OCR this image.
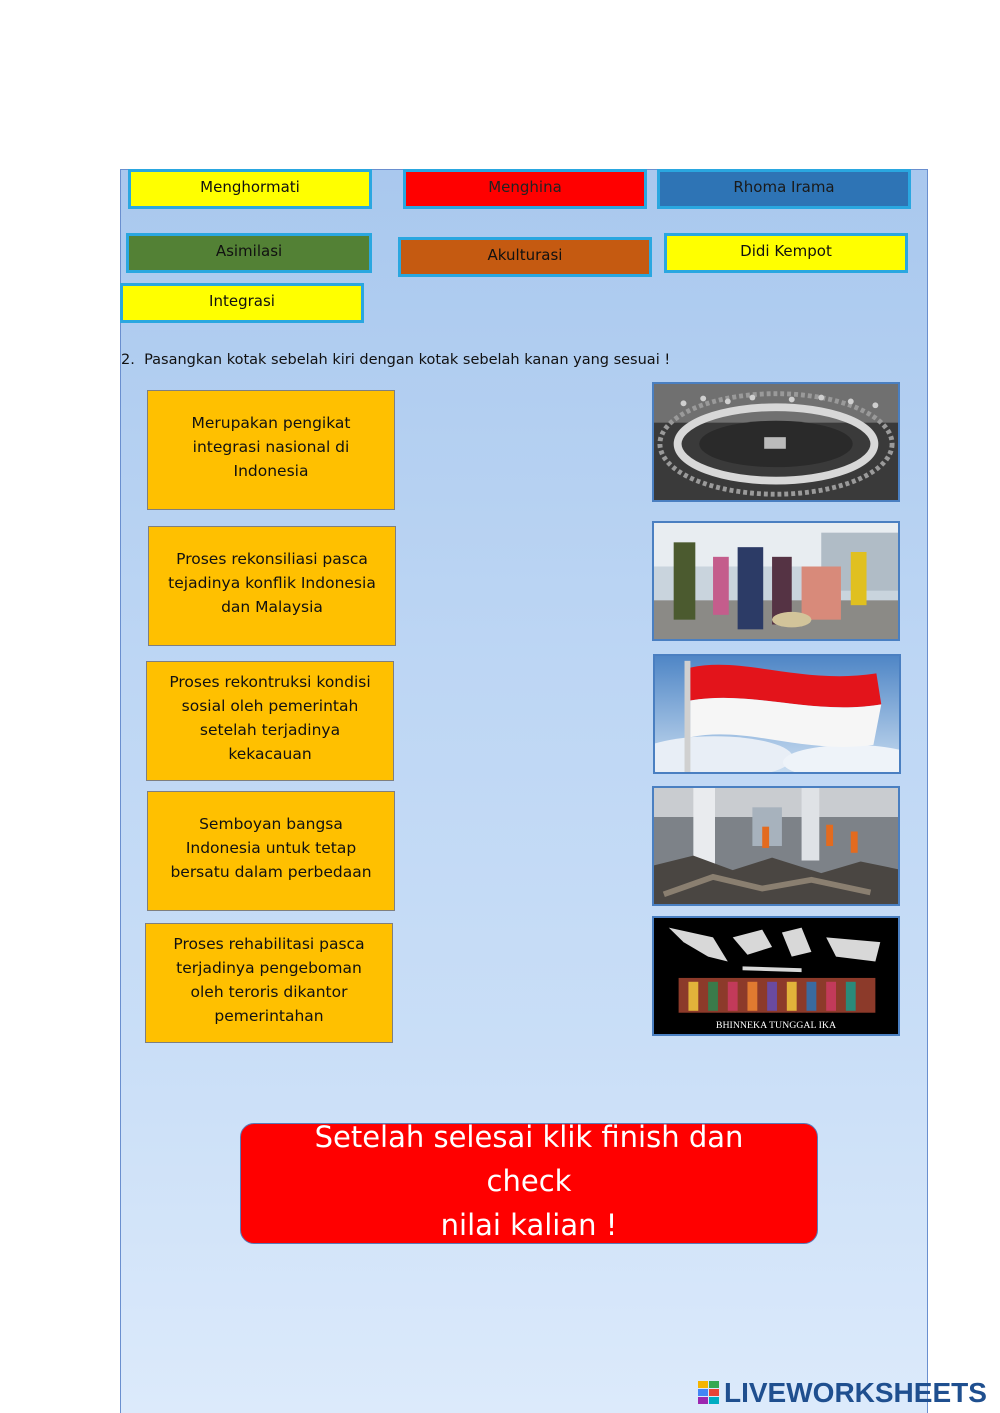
Menghormati	Menghina	Rhoma Irama
Asimilasi	Akulturasi	Didi Kempot
Integrasi
2. Pasangkan kotak sebelah kiri dengan kotak sebelah kanan yang sesuai !
Merupakan pengikat integrasi nasional di Indonesia
Proses rekonsiliasi pasca tejadinya konflik Indonesia dan Malaysia
Proses rekontruksi kondisi sosial oleh pemerintah setelah terjadinya kekacauan
Semboyan bangsa Indonesia untuk tetap bersatu dalam perbedaan
Proses rehabilitasi pasca terjadinya pengeboman oleh teroris dikantor pemerintahan
BHINNEKA TUNGGAL IKA
Setelah selesai klik finish dan check
nilai kalian !
LIVEWORKSHEETS
